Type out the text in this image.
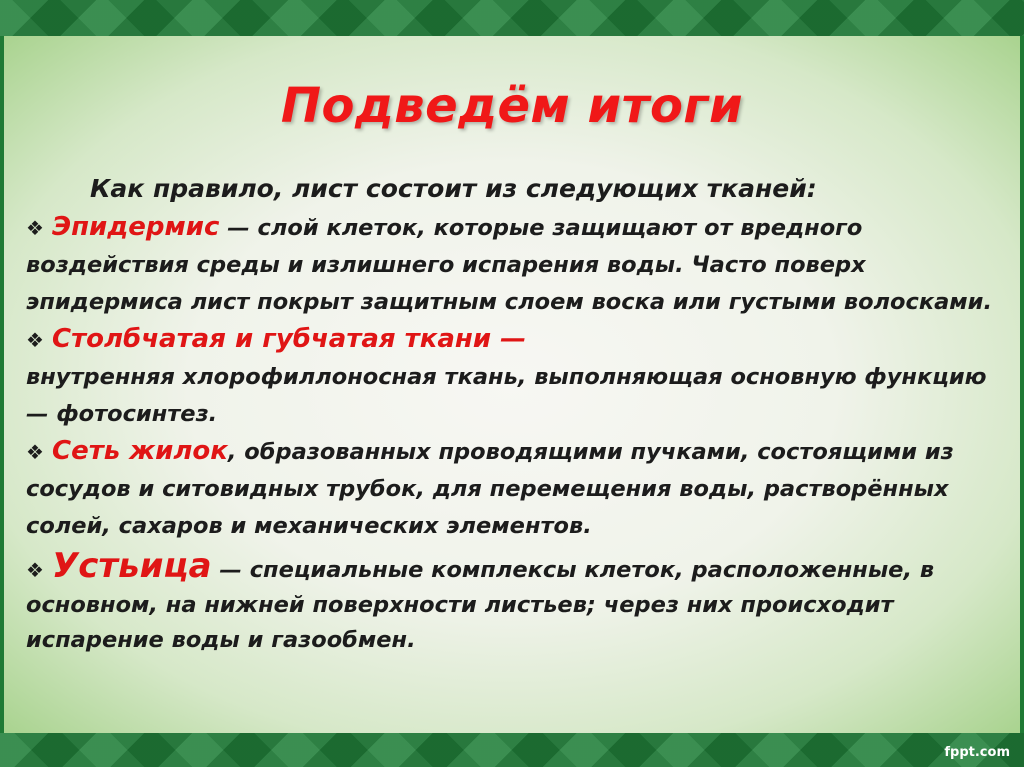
Подведём итоги
Как правило, лист состоит из следующих тканей:
❖ Эпидермис — слой клеток, которые защищают от вредного воздействия среды и излишнего испарения воды. Часто поверх эпидермиса лист покрыт защитным слоем воска или густыми волосками.
❖ Столбчатая и губчатая ткани —
внутренняя хлорофиллоносная ткань, выполняющая основную функцию — фотосинтез.
❖ Сеть жилок, образованных проводящими пучками, состоящими из сосудов и ситовидных трубок, для перемещения воды, растворённых солей, сахаров и механических элементов.
❖ Устьица — специальные комплексы клеток, расположенные, в основном, на нижней поверхности листьев; через них происходит испарение воды и газообмен.
fppt.com
